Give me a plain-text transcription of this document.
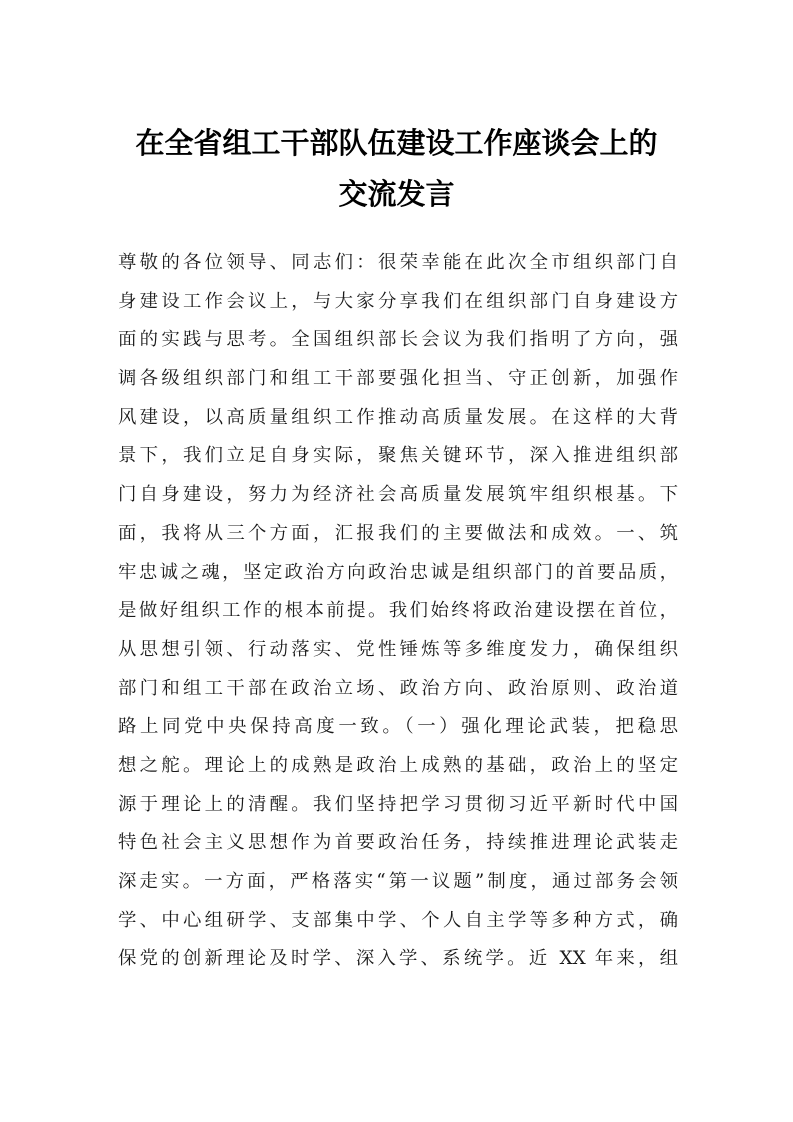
在全省组工干部队伍建设工作座谈会上的
交流发言
尊敬的各位领导、同志们：很荣幸能在此次全市组织部门自
身建设工作会议上，与大家分享我们在组织部门自身建设方
面的实践与思考。全国组织部长会议为我们指明了方向，强
调各级组织部门和组工干部要强化担当、守正创新，加强作
风建设，以高质量组织工作推动高质量发展。在这样的大背
景下，我们立足自身实际，聚焦关键环节，深入推进组织部
门自身建设，努力为经济社会高质量发展筑牢组织根基。下
面，我将从三个方面，汇报我们的主要做法和成效。一、筑
牢忠诚之魂，坚定政治方向政治忠诚是组织部门的首要品质，
是做好组织工作的根本前提。我们始终将政治建设摆在首位，
从思想引领、行动落实、党性锤炼等多维度发力，确保组织
部门和组工干部在政治立场、政治方向、政治原则、政治道
路上同党中央保持高度一致。（一）强化理论武装，把稳思
想之舵。理论上的成熟是政治上成熟的基础，政治上的坚定
源于理论上的清醒。我们坚持把学习贯彻习近平新时代中国
特色社会主义思想作为首要政治任务，持续推进理论武装走
深走实。一方面，严格落实“第一议题”制度，通过部务会领
学、中心组研学、支部集中学、个人自主学等多种方式，确
保党的创新理论及时学、深入学、系统学。近 XX 年来，组
